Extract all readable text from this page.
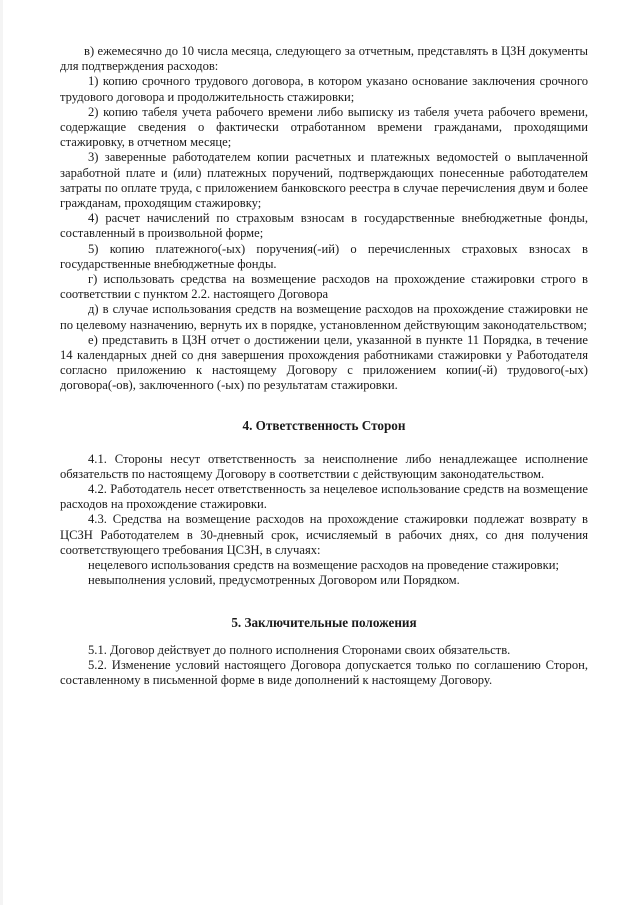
в) ежемесячно до 10 числа месяца, следующего за отчетным, представлять в ЦЗН документы для подтверждения расходов:

1) копию срочного трудового договора, в котором указано основание заключения срочного трудового договора и продолжительность стажировки;

2) копию табеля учета рабочего времени либо выписку из табеля учета рабочего времени, содержащие сведения о фактически отработанном времени гражданами, проходящими стажировку, в отчетном месяце;

3) заверенные работодателем копии расчетных и платежных ведомостей о выплаченной заработной плате и (или) платежных поручений, подтверждающих понесенные работодателем затраты по оплате труда, с приложением банковского реестра в случае перечисления двум и более гражданам, проходящим стажировку;

4) расчет начислений по страховым взносам в государственные внебюджетные фонды, составленный в произвольной форме;

5) копию платежного(-ых) поручения(-ий) о перечисленных страховых взносах в государственные внебюджетные фонды.

г) использовать средства на возмещение расходов на прохождение стажировки строго в соответствии с пунктом 2.2. настоящего Договора

д) в случае использования средств на возмещение расходов на прохождение стажировки не по целевому назначению, вернуть их в порядке, установленном действующим законодательством;

е) представить в ЦЗН отчет о достижении цели, указанной в пункте 11 Порядка, в течение 14 календарных дней со дня завершения прохождения работниками стажировки у Работодателя согласно приложению к настоящему Договору с приложением копии(-й) трудового(-ых) договора(-ов), заключенного (-ых) по результатам стажировки.

4. Ответственность Сторон

4.1. Стороны несут ответственность за неисполнение либо ненадлежащее исполнение обязательств по настоящему Договору в соответствии с действующим законодательством.

4.2. Работодатель несет ответственность за нецелевое использование средств на возмещение расходов на прохождение стажировки.

4.3. Средства на возмещение расходов на прохождение стажировки подлежат возврату в ЦСЗН Работодателем в 30-дневный срок, исчисляемый в рабочих днях, со дня получения соответствующего требования ЦСЗН, в случаях:

нецелевого использования средств на возмещение расходов на проведение стажировки;

невыполнения условий, предусмотренных Договором или Порядком.

5. Заключительные положения

5.1. Договор действует до полного исполнения Сторонами своих обязательств.

5.2. Изменение условий настоящего Договора допускается только по соглашению Сторон, составленному в письменной форме в виде дополнений к настоящему Договору.
